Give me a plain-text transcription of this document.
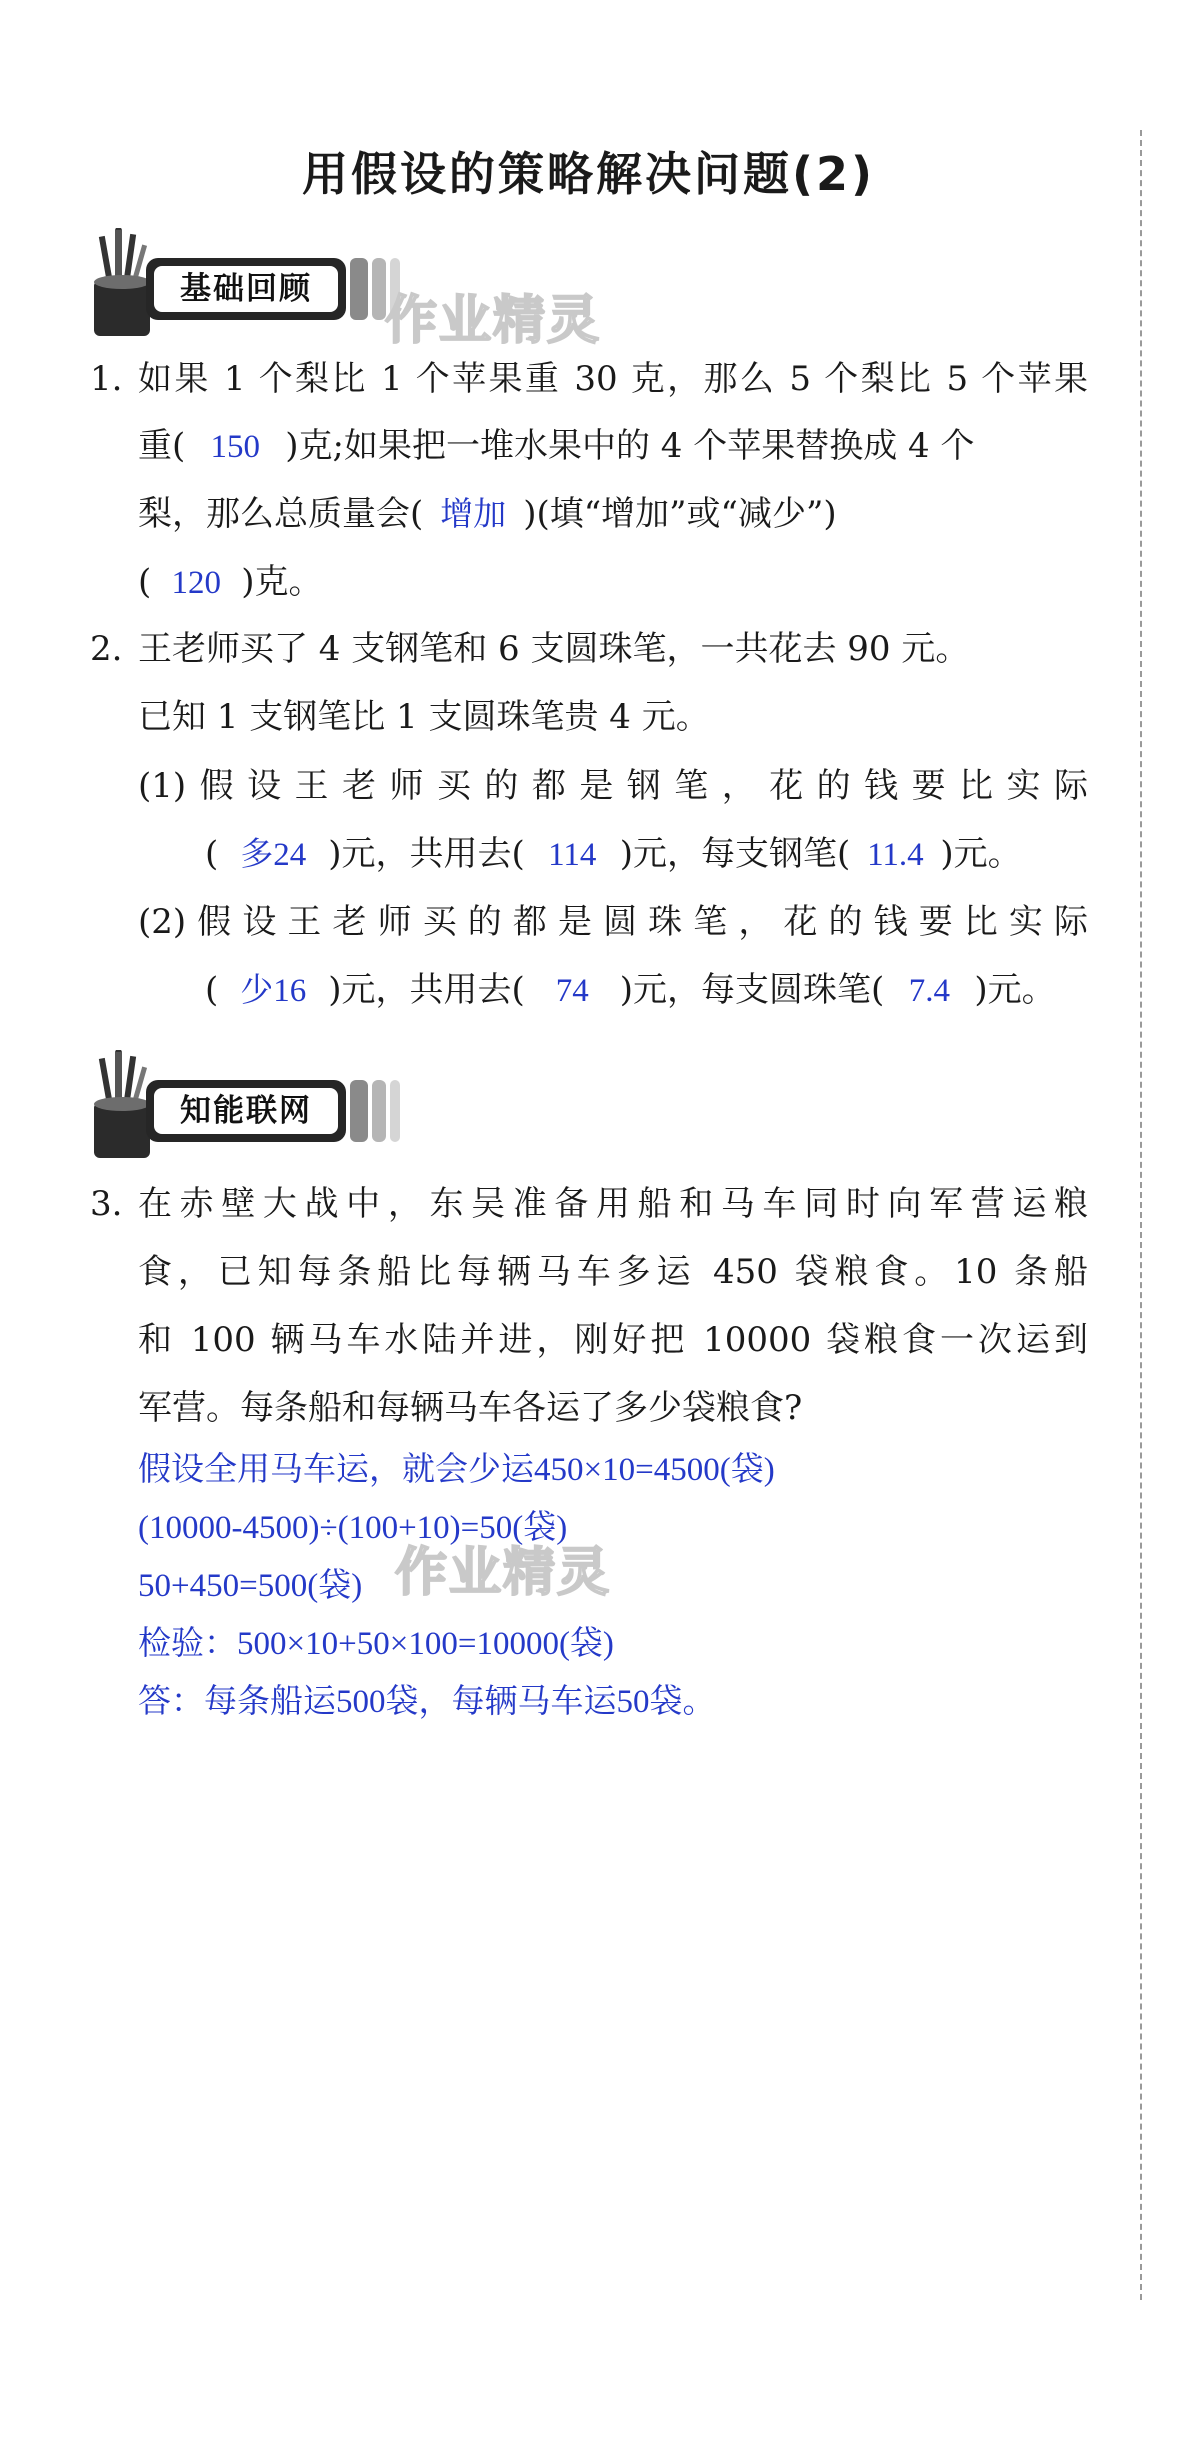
用假设的策略解决问题(2)
基础回顾
作业精灵
1. 如果 1 个梨比 1 个苹果重 30 克，那么 5 个梨比 5 个苹果
重( 150 )克;如果把一堆水果中的 4 个苹果替换成 4 个
梨，那么总质量会( 增加 )(填“增加”或“减少”)
( 120 )克。
2. 王老师买了 4 支钢笔和 6 支圆珠笔，一共花去 90 元。
已知 1 支钢笔比 1 支圆珠笔贵 4 元。
(1)假设王老师买的都是钢笔，花的钱要比实际
( 多24 )元，共用去( 114 )元，每支钢笔( 11.4 )元。
(2)假设王老师买的都是圆珠笔，花的钱要比实际
( 少16 )元，共用去( 74 )元，每支圆珠笔( 7.4 )元。
知能联网
3. 在赤壁大战中，东吴准备用船和马车同时向军营运粮
食，已知每条船比每辆马车多运 450 袋粮食。10 条船
和 100 辆马车水陆并进，刚好把 10000 袋粮食一次运到
军营。每条船和每辆马车各运了多少袋粮食?
假设全用马车运，就会少运450×10=4500(袋)
(10000-4500)÷(100+10)=50(袋)
50+450=500(袋)
检验：500×10+50×100=10000(袋)
答：每条船运500袋，每辆马车运50袋。
作业精灵
